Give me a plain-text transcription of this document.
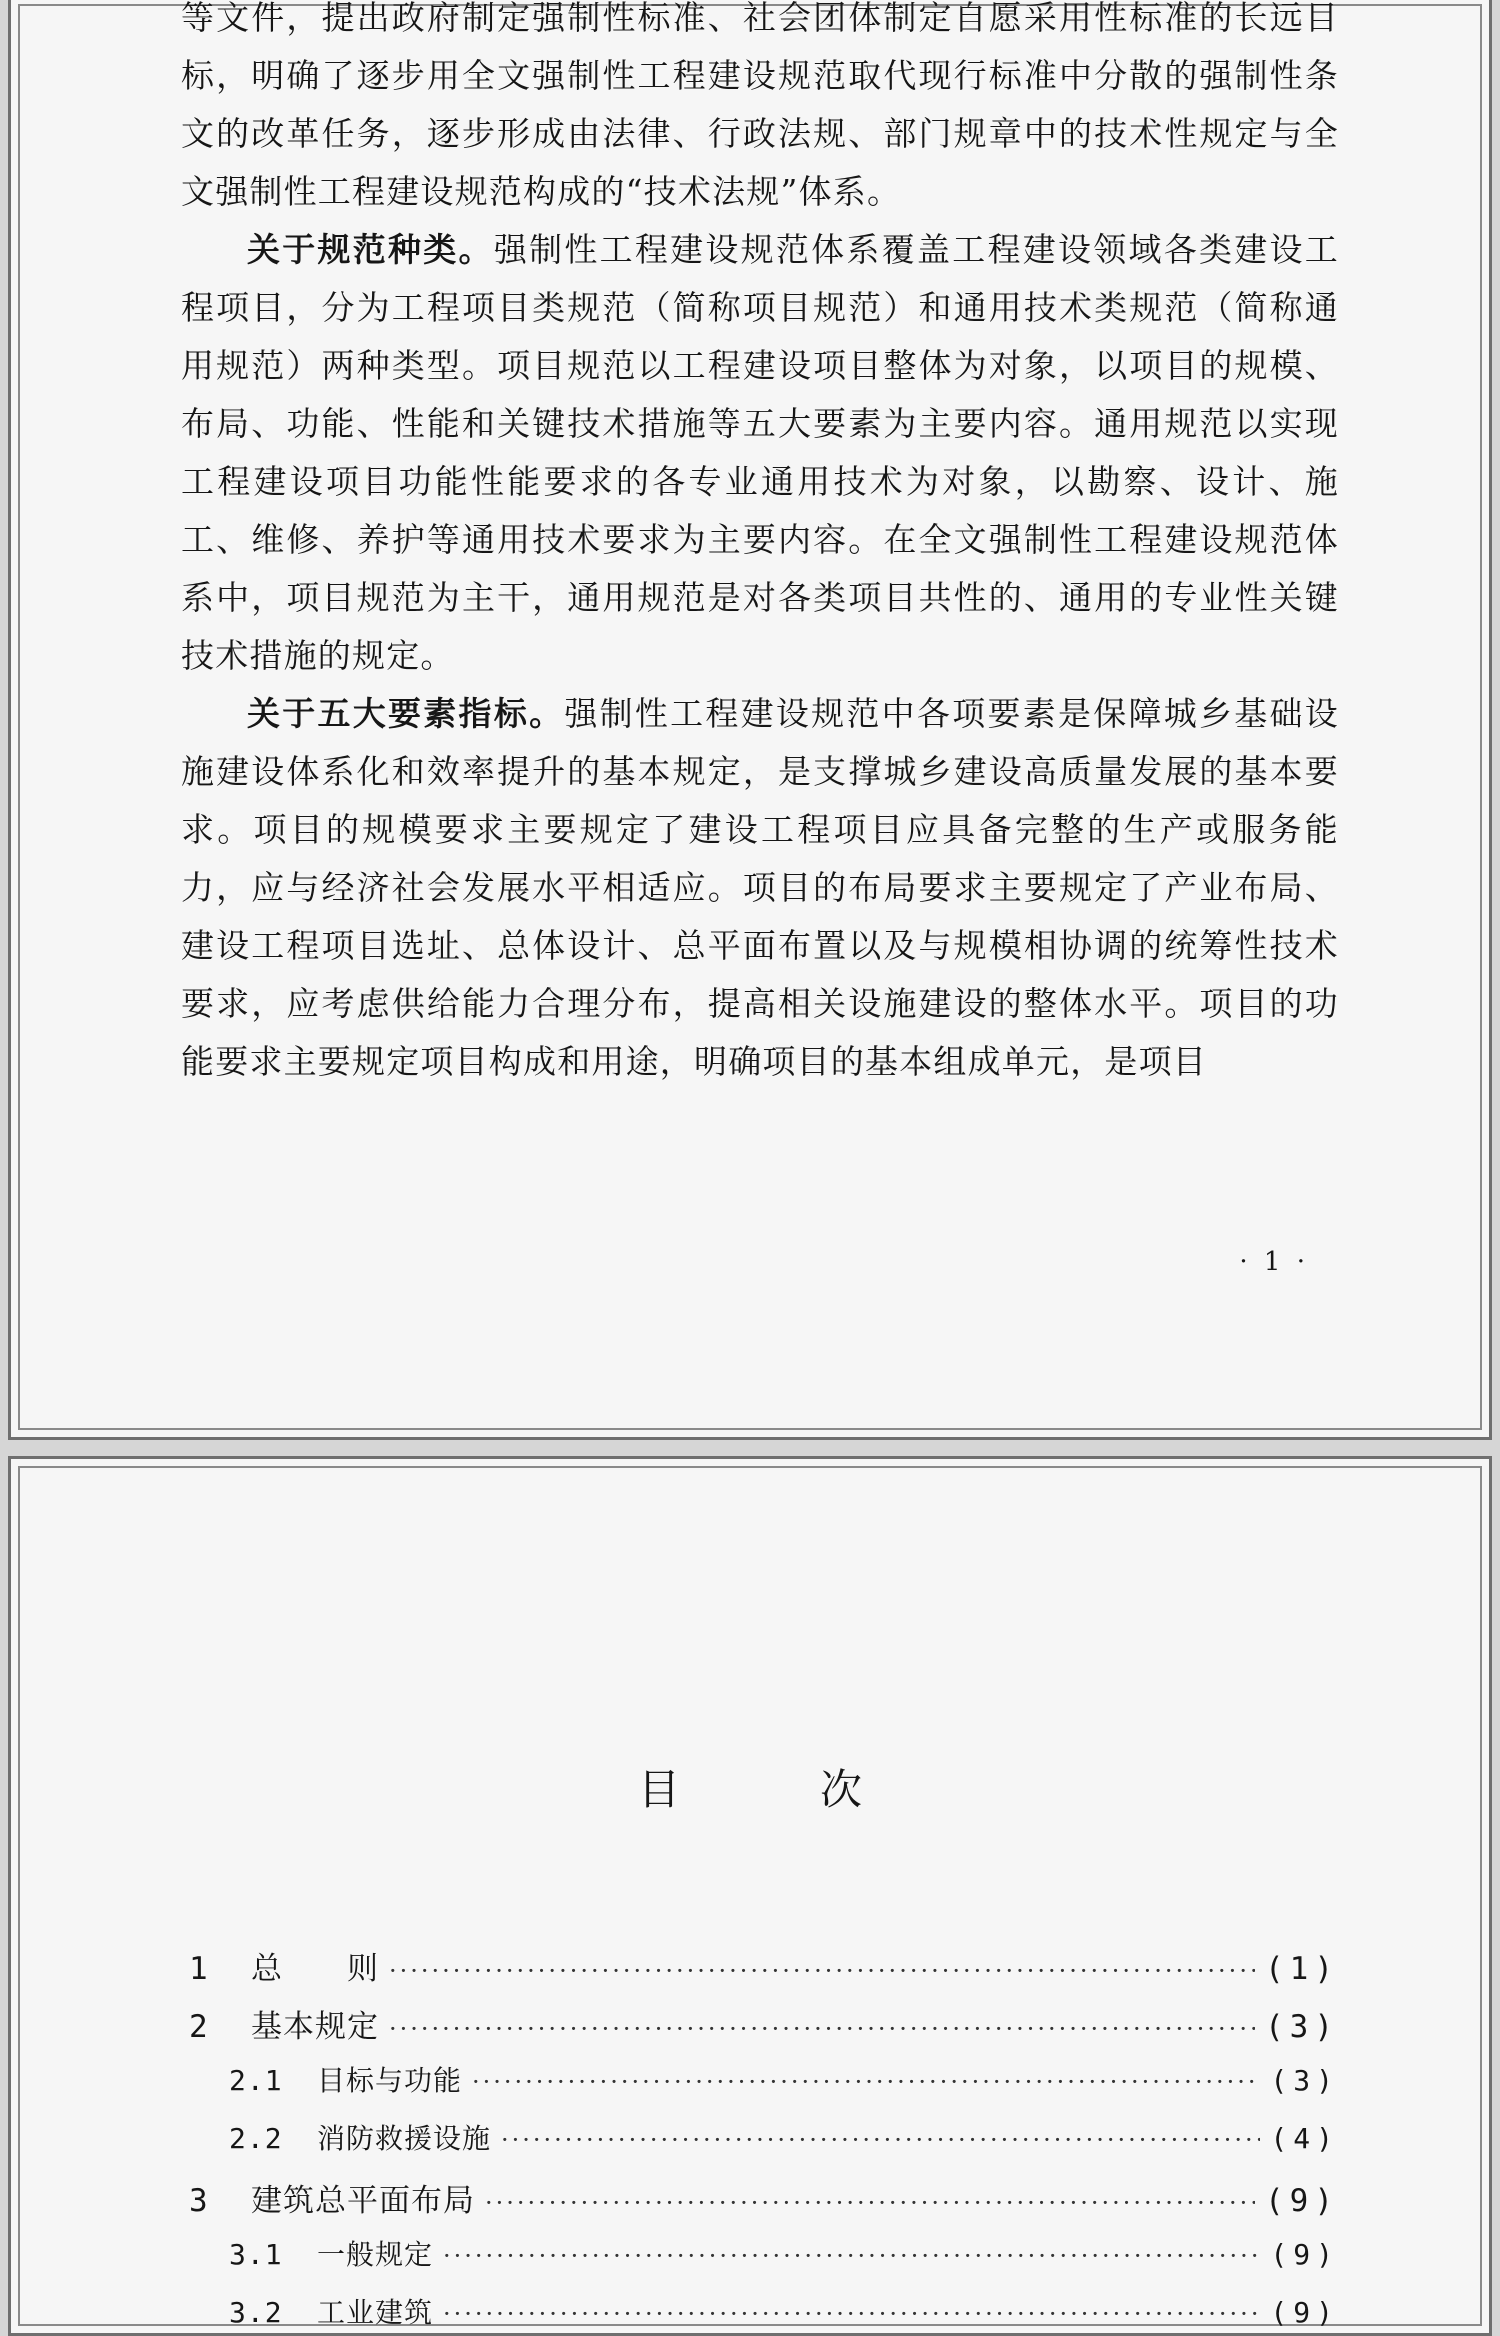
等文件，提出政府制定强制性标准、社会团体制定自愿采用性标准的长远目标，明确了逐步用全文强制性工程建设规范取代现行标准中分散的强制性条文的改革任务，逐步形成由法律、行政法规、部门规章中的技术性规定与全文强制性工程建设规范构成的“技术法规”体系。

关于规范种类。强制性工程建设规范体系覆盖工程建设领域各类建设工程项目，分为工程项目类规范（简称项目规范）和通用技术类规范（简称通用规范）两种类型。项目规范以工程建设项目整体为对象，以项目的规模、布局、功能、性能和关键技术措施等五大要素为主要内容。通用规范以实现工程建设项目功能性能要求的各专业通用技术为对象，以勘察、设计、施工、维修、养护等通用技术要求为主要内容。在全文强制性工程建设规范体系中，项目规范为主干，通用规范是对各类项目共性的、通用的专业性关键技术措施的规定。

关于五大要素指标。强制性工程建设规范中各项要素是保障城乡基础设施建设体系化和效率提升的基本规定，是支撑城乡建设高质量发展的基本要求。项目的规模要求主要规定了建设工程项目应具备完整的生产或服务能力，应与经济社会发展水平相适应。项目的布局要求主要规定了产业布局、建设工程项目选址、总体设计、总平面布置以及与规模相协调的统筹性技术要求，应考虑供给能力合理分布，提高相关设施建设的整体水平。项目的功能要求主要规定项目构成和用途，明确项目的基本组成单元，是项目

· 1 ·
目次
1	总　　则 ·····	(1)
2	基本规定 ·····	(3)
2.1	目标与功能 ·····	(3)
2.2	消防救援设施 ·····	(4)
3	建筑总平面布局 ·····	(9)
3.1	一般规定 ·····	(9)
3.2	工业建筑 ·····	(9)
